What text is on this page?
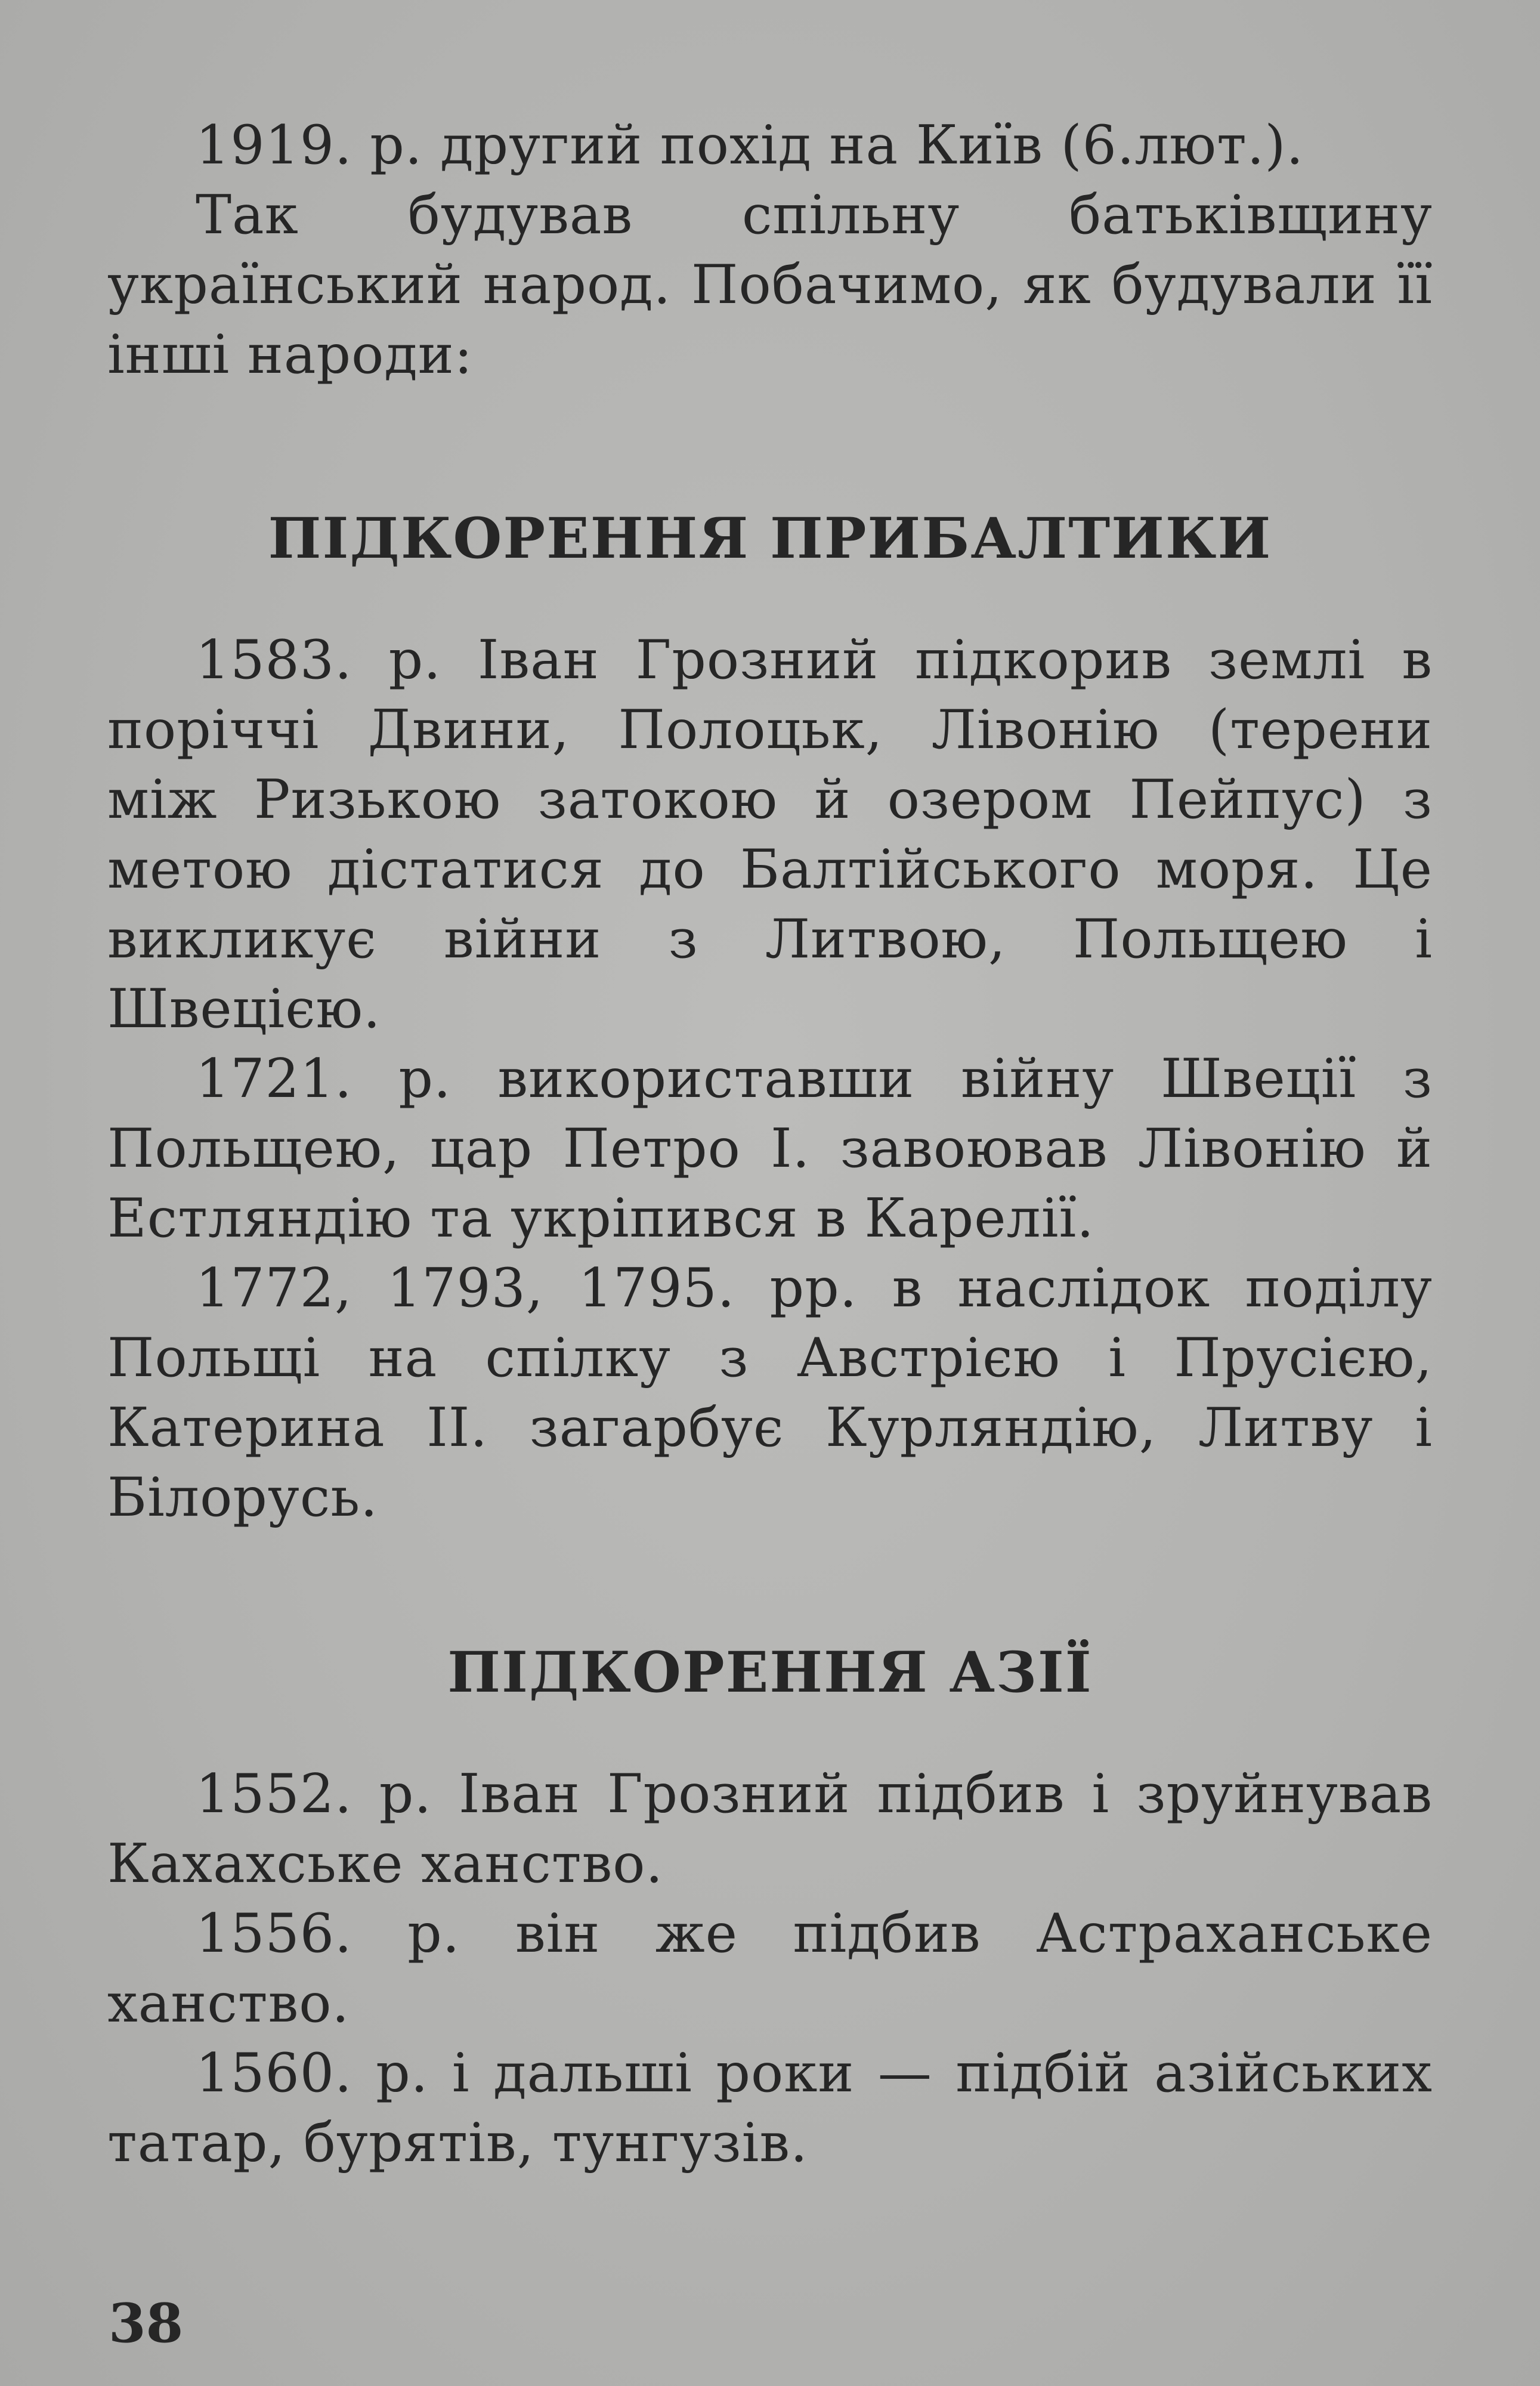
1919. р. другий похід на Київ (6.лют.).

Так будував спільну батьківщину український народ. Побачимо, як будували її інші народи:

ПІДКОРЕННЯ ПРИБАЛТИКИ

1583. р. Іван Грозний підкорив землі в поріччі Двини, Полоцьк, Лівонію (терени між Ризькою затокою й озером Пейпус) з метою дістатися до Балтійського моря. Це викликує війни з Литвою, Польщею і Швецією.

1721. р. використавши війну Швеції з Польщею, цар Петро І. завоював Лівонію й Естляндію та укріпився в Карелії.

1772, 1793, 1795. рр. в наслідок поділу Польщі на спілку з Австрією і Прусією, Катерина ІІ. загарбує Курляндію, Литву і Білорусь.

ПІДКОРЕННЯ АЗІЇ

1552. р. Іван Грозний підбив і зруйнував Кахахське ханство.

1556. р. він же підбив Астраханське ханство.

1560. р. і дальші роки — підбій азійських татар, бурятів, тунгузів.

38
